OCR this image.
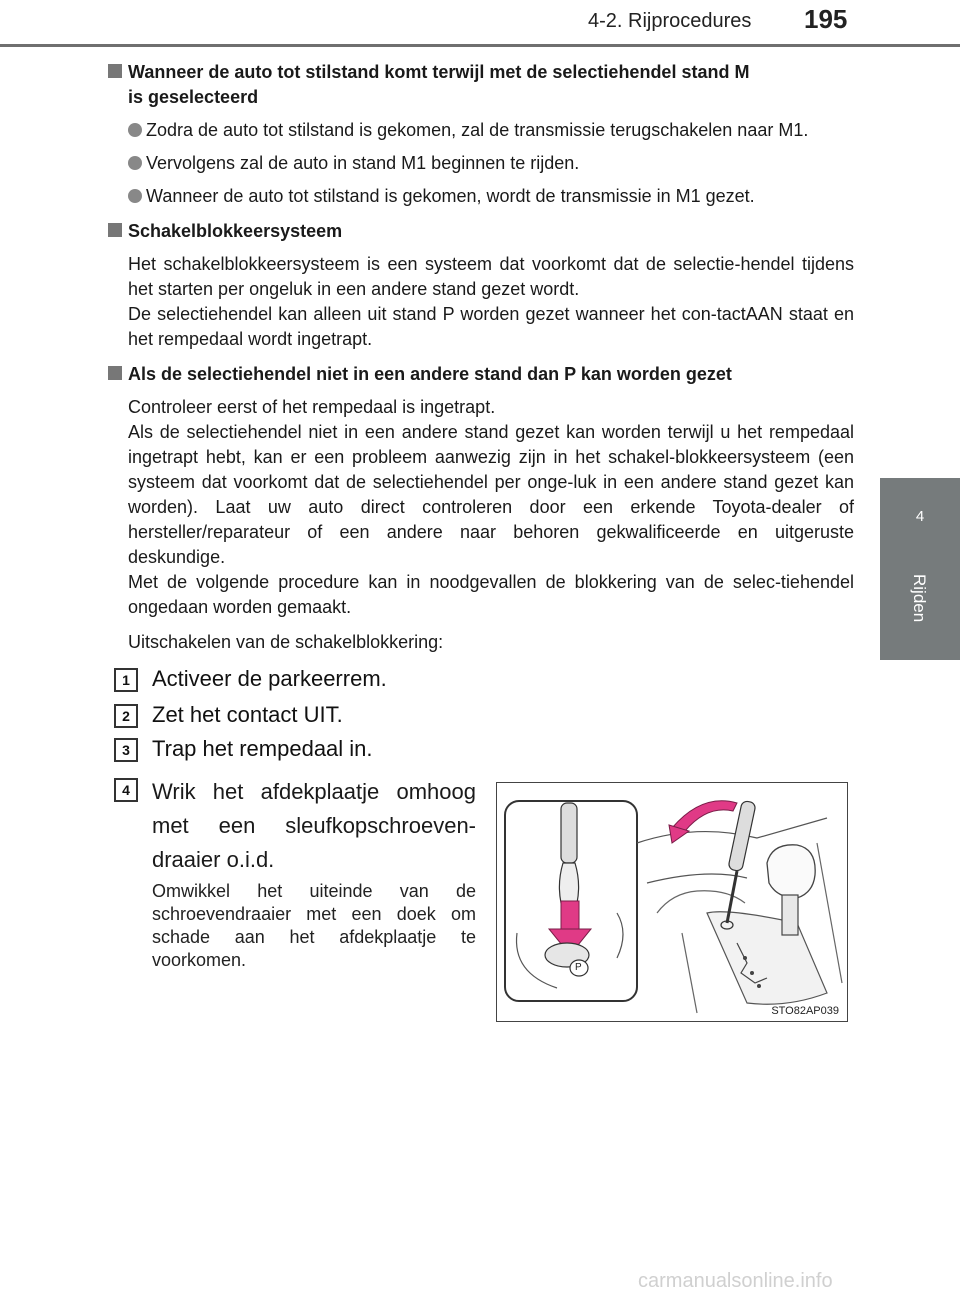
4-2. Rijprocedures 195
4
Rijden
Wanneer de auto tot stilstand komt terwijl met de selectiehendel stand M
is geselecteerd

Zodra de auto tot stilstand is gekomen, zal de transmissie terugschakelen naar M1.

Vervolgens zal de auto in stand M1 beginnen te rijden.

Wanneer de auto tot stilstand is gekomen, wordt de transmissie in M1 gezet.

Schakelblokkeersysteem

Het schakelblokkeersysteem is een systeem dat voorkomt dat de selectie-hendel tijdens het starten per ongeluk in een andere stand gezet wordt.

De selectiehendel kan alleen uit stand P worden gezet wanneer het con-tactAAN staat en het rempedaal wordt ingetrapt.

Als de selectiehendel niet in een andere stand dan P kan worden gezet

Controleer eerst of het rempedaal is ingetrapt.

Als de selectiehendel niet in een andere stand gezet kan worden terwijl u het rempedaal ingetrapt hebt, kan er een probleem aanwezig zijn in het schakel-blokkeersysteem (een systeem dat voorkomt dat de selectiehendel per onge-luk in een andere stand gezet kan worden). Laat uw auto direct controleren door een erkende Toyota-dealer of hersteller/reparateur of een andere naar behoren gekwalificeerde en uitgeruste deskundige.

Met de volgende procedure kan in noodgevallen de blokkering van de selec-tiehendel ongedaan worden gemaakt.

Uitschakelen van de schakelblokkering:

1	Activeer de parkeerrem.
2	Zet het contact UIT.
3	Trap het rempedaal in.
4	Wrik het afdekplaatje omhoog met een sleufkopschroeven-draaier o.i.d.
Omwikkel het uiteinde van de schroevendraaier met een doek om schade aan het afdekplaatje te voorkomen.	P
STO82AP039
carmanualsonline.info
